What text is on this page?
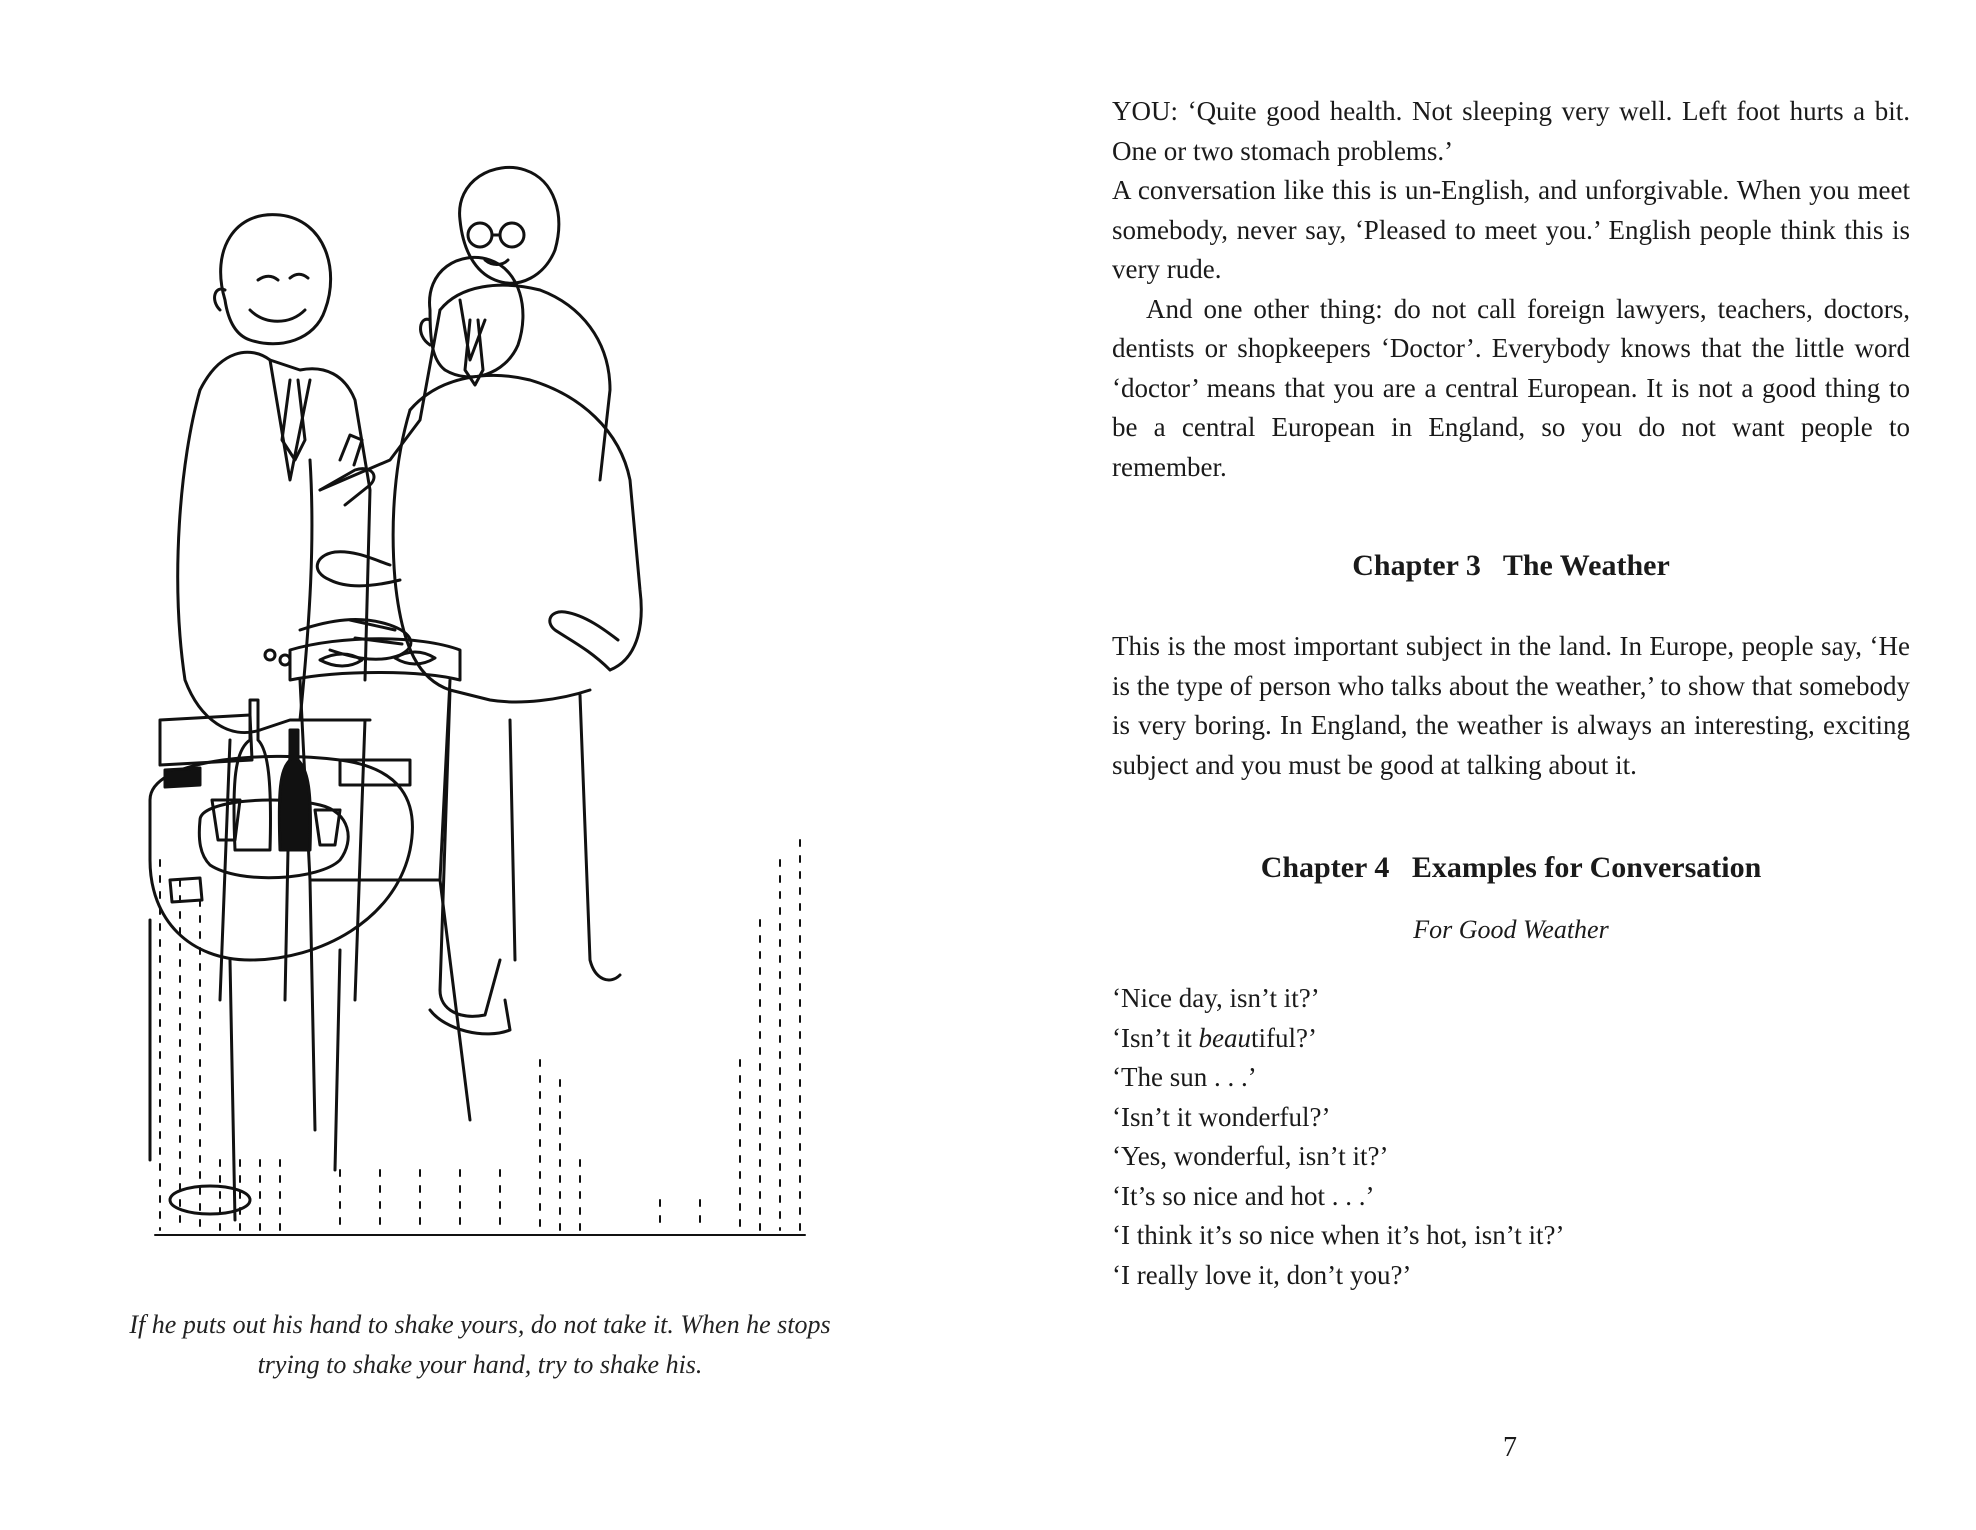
If he puts out his hand to shake yours, do not take it. When he stops
trying to shake your hand, try to shake his.

YOU: ‘Quite good health. Not sleeping very well. Left foot hurts a bit. One or two stomach problems.’

A conversation like this is un-English, and unforgivable. When you meet somebody, never say, ‘Pleased to meet you.’ English people think this is very rude.

And one other thing: do not call foreign lawyers, teachers, doctors, dentists or shopkeepers ‘Doctor’. Everybody knows that the little word ‘doctor’ means that you are a central European. It is not a good thing to be a central European in England, so you do not want people to remember.

Chapter 3 The Weather

This is the most important subject in the land. In Europe, people say, ‘He is the type of person who talks about the weather,’ to show that somebody is very boring. In England, the weather is always an interesting, exciting subject and you must be good at talking about it.

Chapter 4 Examples for Conversation

For Good Weather

‘Nice day, isn’t it?’
‘Isn’t it beautiful?’
‘The sun . . .’
‘Isn’t it wonderful?’
‘Yes, wonderful, isn’t it?’
‘It’s so nice and hot . . .’
‘I think it’s so nice when it’s hot, isn’t it?’
‘I really love it, don’t you?’
7
